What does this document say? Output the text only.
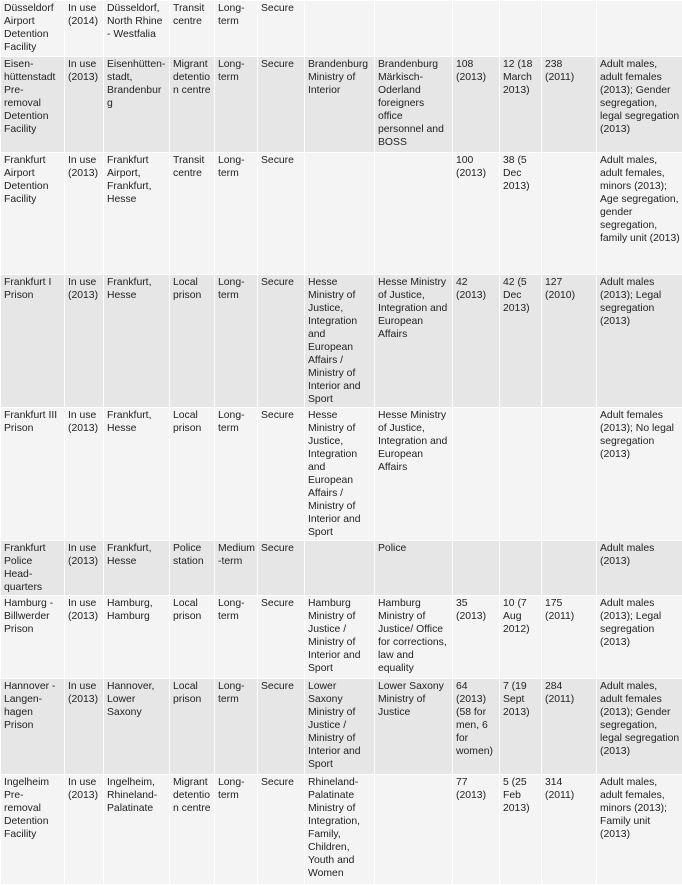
Düsseldorf Airport Detention Facility	In use (2014)	Düsseldorf, North Rhine - Westfalia	Transit centre	Long-term	Secure						
Eisen-hüttenstadt Pre- removal Detention Facility	In use (2013)	Eisenhütten-stadt, Brandenburg	Migrant detention centre	Long-term	Secure	Brandenburg Ministry of Interior	Brandenburg Märkisch-Oderland foreigners office personnel and BOSS	108 (2013)	12 (18 March 2013)	238 (2011)	Adult males, adult females (2013); Gender segregation, legal segregation (2013)
Frankfurt Airport Detention Facility	In use (2013)	Frankfurt Airport, Frankfurt, Hesse	Transit centre	Long-term	Secure			100 (2013)	38 (5 Dec 2013)		Adult males, adult females, minors (2013); Age segregation, gender segregation, family unit (2013)
Frankfurt I Prison	In use (2013)	Frankfurt, Hesse	Local prison	Long-term	Secure	Hesse Ministry of Justice, Integration and European Affairs / Ministry of Interior and Sport	Hesse Ministry of Justice, Integration and European Affairs	42 (2013)	42 (5 Dec 2013)	127 (2010)	Adult males (2013); Legal segregation (2013)
Frankfurt III Prison	In use (2013)	Frankfurt, Hesse	Local prison	Long-term	Secure	Hesse Ministry of Justice, Integration and European Affairs / Ministry of Interior and Sport	Hesse Ministry of Justice, Integration and European Affairs				Adult females (2013); No legal segregation (2013)
Frankfurt Police Head-quarters	In use (2013)	Frankfurt, Hesse	Police station	Medium-term	Secure		Police				Adult males (2013)
Hamburg - Billwerder Prison	In use (2013)	Hamburg, Hamburg	Local prison	Long-term	Secure	Hamburg Ministry of Justice / Ministry of Interior and Sport	Hamburg Ministry of Justice/ Office for corrections, law and equality	35 (2013)	10 (7 Aug 2012)	175 (2011)	Adult males (2013); Legal segregation (2013)
Hannover - Langen-hagen Prison	In use (2013)	Hannover, Lower Saxony	Local prison	Long-term	Secure	Lower Saxony Ministry of Justice / Ministry of Interior and Sport	Lower Saxony Ministry of Justice	64 (2013) (58 for men, 6 for women)	7 (19 Sept 2013)	284 (2011)	Adult males, adult females (2013); Gender segregation, legal segregation (2013)
Ingelheim Pre- removal Detention Facility	In use (2013)	Ingelheim, Rhineland-Palatinate	Migrant detention centre	Long-term	Secure	Rhineland-Palatinate Ministry of Integration, Family, Children, Youth and Women		77 (2013)	5 (25 Feb 2013)	314 (2011)	Adult males, adult females, minors (2013); Family unit (2013)
